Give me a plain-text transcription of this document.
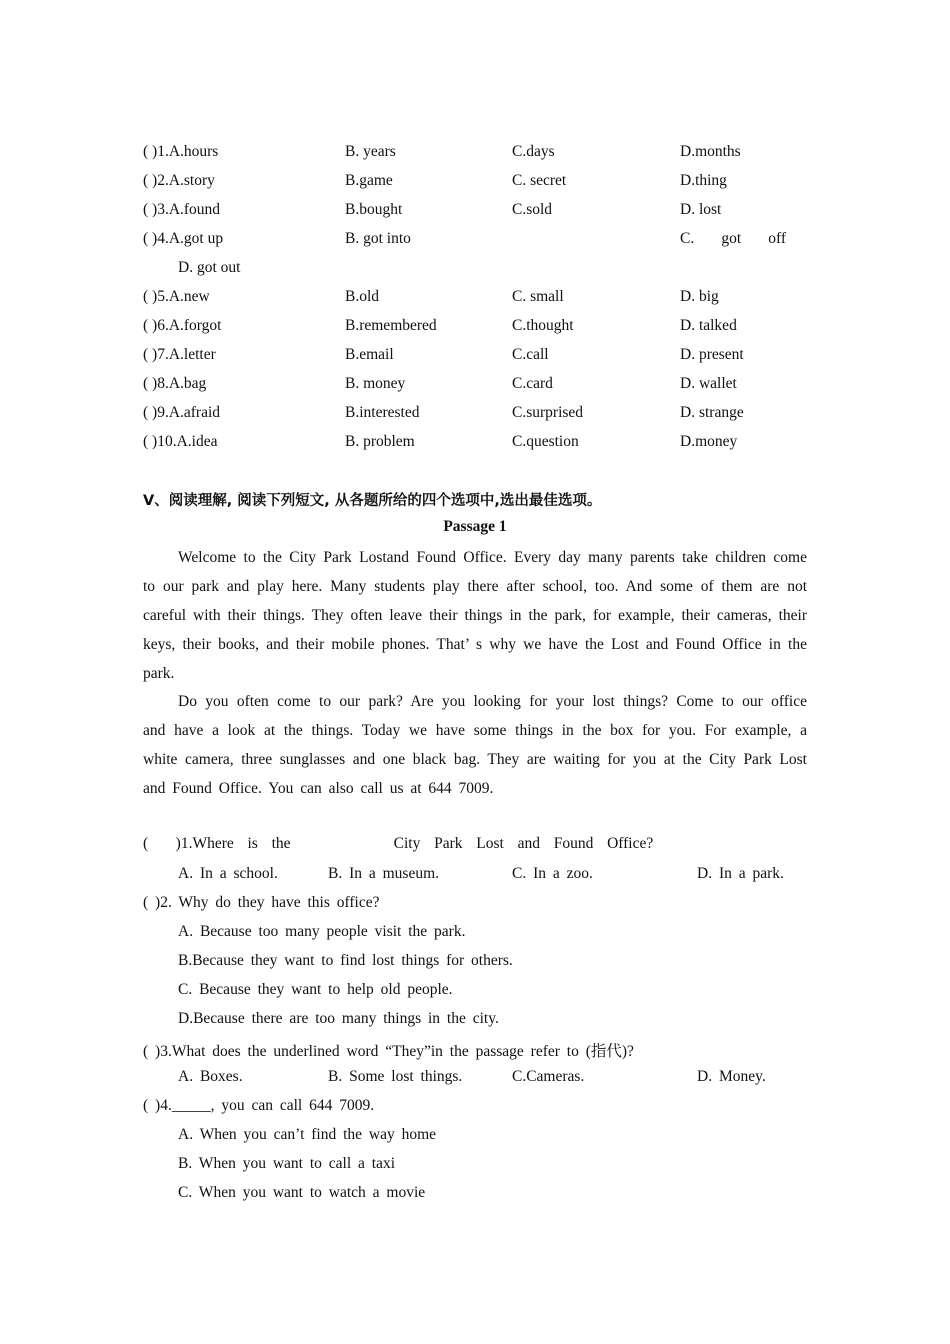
( )1.A.hours	B. years	C.days	D.months
( )2.A.story	B.game	C. secret	D.thing
( )3.A.found	B.bought	C.sold	D. lost
( )4.A.got up	B. got into	C.       got       off
D. got out
( )5.A.new	B.old	C. small	D. big
( )6.A.forgot	B.remembered	C.thought	D. talked
( )7.A.letter	B.email	C.call	D. present
( )8.A.bag	B. money	C.card	D. wallet
( )9.A.afraid	B.interested	C.surprised	D. strange
( )10.A.idea	B. problem	C.question	D.money
Ⅴ、阅读理解, 阅读下列短文, 从各题所给的四个选项中,选出最佳选项。
Passage 1
Welcome to the City Park Lostand Found Office. Every day many parents take children come to our park and play here. Many students play there after school, too. And some of them are not careful with their things. They often leave their things in the park, for example, their cameras, their keys, their books, and their mobile phones. That’ s why we have the Lost and Found Office in the park.
Do you often come to our park? Are you looking for your lost things? Come to our office and have a look at the things. Today we have some things in the box for you. For example, a white camera, three sunglasses and one black bag. They are waiting for you at the City Park Lost and Found Office. You can also call us at 644 7009.
(    )1.Where  is  the               City  Park  Lost  and  Found  Office?
A. In a school.	B. In a museum.	C. In a zoo.	D. In a park.
( )2. Why do they have this office?
A. Because too many people visit the park.
B.Because they want to find lost things for others.
C. Because they want to help old people.
D.Because there are too many things in the city.
( )3.What does the underlined word “They”in the passage refer to (指代)?
A. Boxes.	B. Some lost things.	C.Cameras.	D. Money.
( )4._____, you can call 644 7009.
A. When you can’t find the way home
B. When you want to call a taxi
C. When you want to watch a movie
